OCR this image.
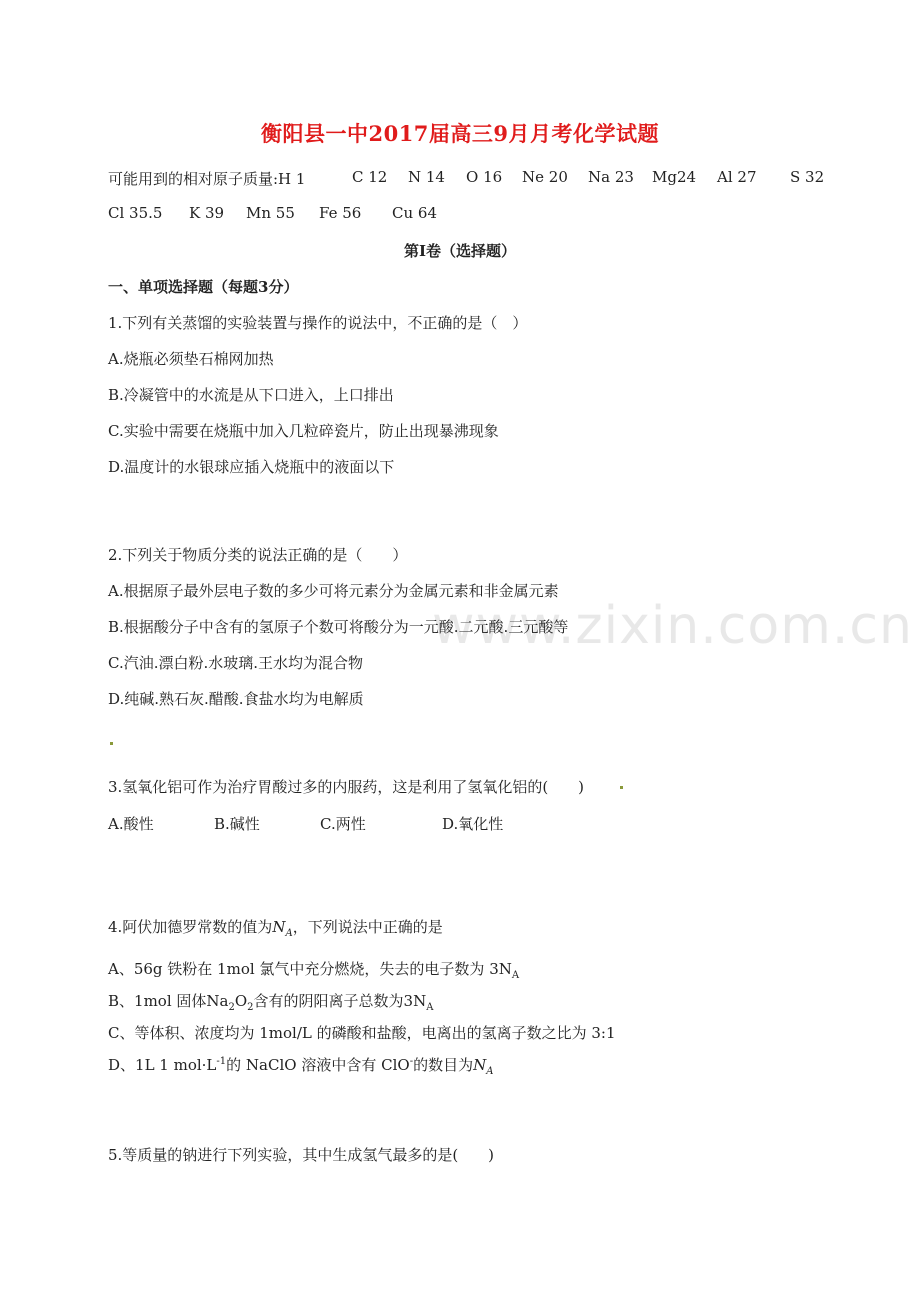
www.zixin.com.cn
衡阳县一中2017届高三9月月考化学试题
可能用到的相对原子质量:H 1	C 12 N 14 O 16 Ne 20 Na 23 Mg24 Al 27 S 32
Cl 35.5 K 39 Mn 55 Fe 56 Cu 64
第Ⅰ卷（选择题）
一、单项选择题（每题3分）
1.下列有关蒸馏的实验装置与操作的说法中，不正确的是（　）
A.烧瓶必须垫石棉网加热
B.冷凝管中的水流是从下口进入，上口排出
C.实验中需要在烧瓶中加入几粒碎瓷片，防止出现暴沸现象
D.温度计的水银球应插入烧瓶中的液面以下
2.下列关于物质分类的说法正确的是（　　）
A.根据原子最外层电子数的多少可将元素分为金属元素和非金属元素
B.根据酸分子中含有的氢原子个数可将酸分为一元酸.二元酸.三元酸等
C.汽油.漂白粉.水玻璃.王水均为混合物
D.纯碱.熟石灰.醋酸.食盐水均为电解质
3.氢氧化铝可作为治疗胃酸过多的内服药，这是利用了氢氧化铝的(　　)
A.酸性	B.碱性	C.两性	D.氧化性
4.阿伏加德罗常数的值为$N_A$，下列说法中正确的是
A、56g 铁粉在 1mol 氯气中充分燃烧，失去的电子数为 $3N_A$
B、1mol 固体$Na_2O_2$含有的阴阳离子总数为$3N_A$
C、等体积、浓度均为 1mol/L 的磷酸和盐酸，电离出的氢离子数之比为 3:1
D、1L 1 $mol\cdot L^{-1}$的 NaClO 溶液中含有 ClO-的数目为$N_A$
5.等质量的钠进行下列实验，其中生成氢气最多的是(　　)
